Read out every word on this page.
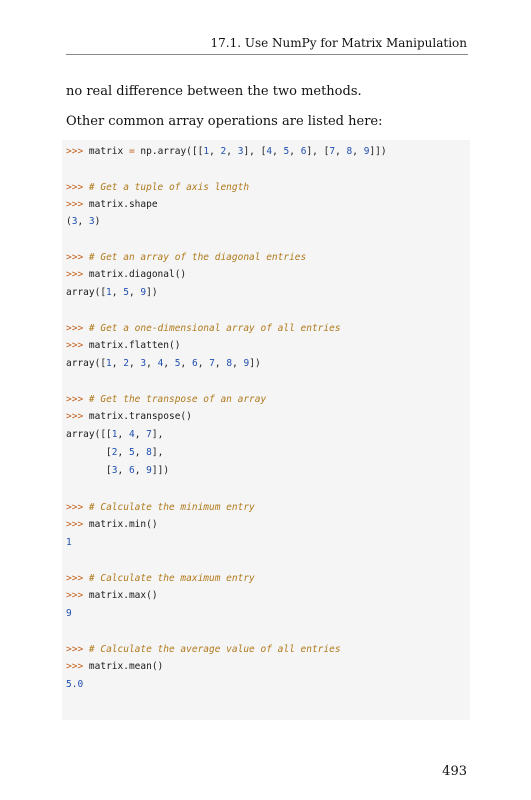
17.1. Use NumPy for Matrix Manipulation
no real difference between the two methods.
Other common array operations are listed here:
>>> matrix = np.array([[1, 2, 3], [4, 5, 6], [7, 8, 9]])
>>> # Get a tuple of axis length
>>> matrix.shape
(3, 3)
>>> # Get an array of the diagonal entries
>>> matrix.diagonal()
array([1, 5, 9])
>>> # Get a one-dimensional array of all entries
>>> matrix.flatten()
array([1, 2, 3, 4, 5, 6, 7, 8, 9])
>>> # Get the transpose of an array
>>> matrix.transpose()
array([[1, 4, 7],
[2, 5, 8],
[3, 6, 9]])
>>> # Calculate the minimum entry
>>> matrix.min()
1
>>> # Calculate the maximum entry
>>> matrix.max()
9
>>> # Calculate the average value of all entries
>>> matrix.mean()
5.0
493
